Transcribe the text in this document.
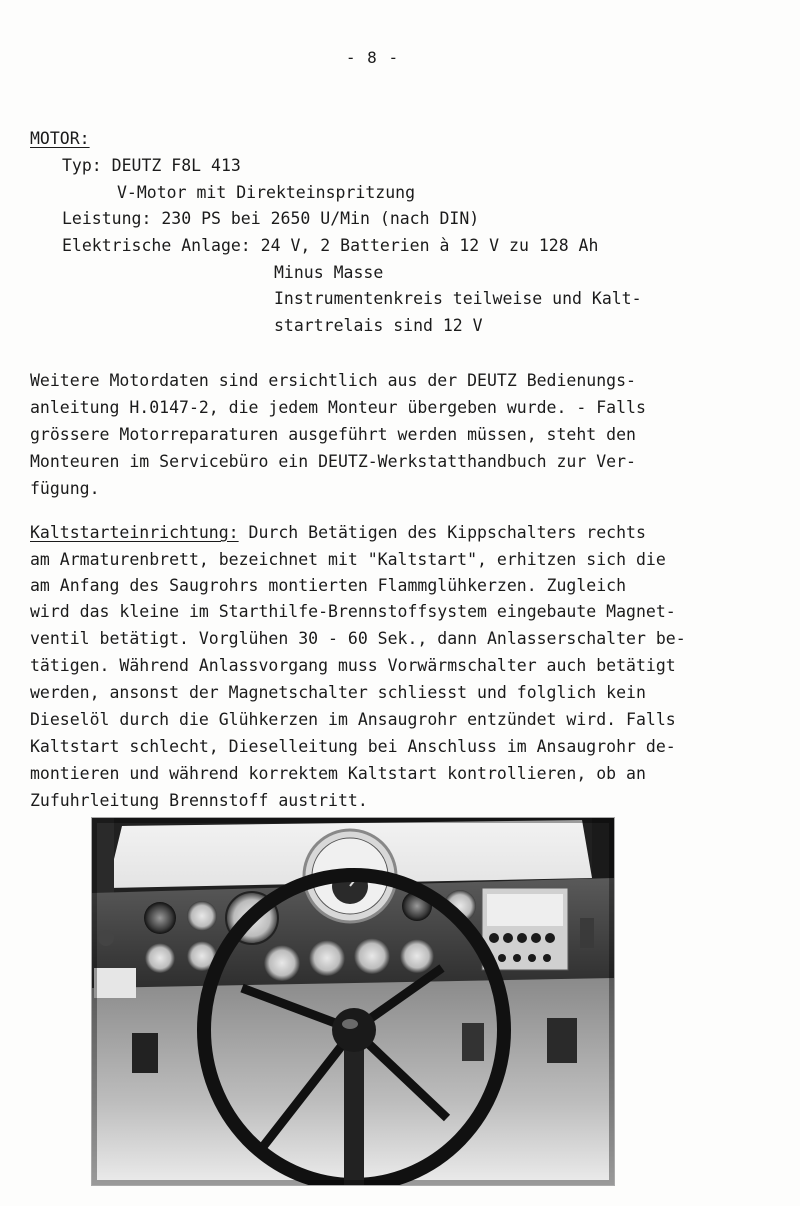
- 8 -
MOTOR:
Typ: DEUTZ F8L 413
V-Motor mit Direkteinspritzung
Leistung: 230 PS bei 2650 U/Min (nach DIN)
Elektrische Anlage: 24 V, 2 Batterien à 12 V zu 128 Ah
Minus Masse
Instrumentenkreis teilweise und Kalt-
startrelais sind 12 V
Weitere Motordaten sind ersichtlich aus der DEUTZ Bedienungs-
anleitung H.0147-2, die jedem Monteur übergeben wurde. - Falls
grössere Motorreparaturen ausgeführt werden müssen, steht den
Monteuren im Servicebüro ein DEUTZ-Werkstatthandbuch zur Ver-
fügung.
Kaltstarteinrichtung: Durch Betätigen des Kippschalters rechts
am Armaturenbrett, bezeichnet mit "Kaltstart", erhitzen sich die
am Anfang des Saugrohrs montierten Flammglühkerzen. Zugleich
wird das kleine im Starthilfe-Brennstoffsystem eingebaute Magnet-
ventil betätigt. Vorglühen 30 - 60 Sek., dann Anlasserschalter be-
tätigen. Während Anlassvorgang muss Vorwärmschalter auch betätigt
werden, ansonst der Magnetschalter schliesst und folglich kein
Dieselöl durch die Glühkerzen im Ansaugrohr entzündet wird. Falls
Kaltstart schlecht, Dieselleitung bei Anschluss im Ansaugrohr de-
montieren und während korrektem Kaltstart kontrollieren, ob an
Zufuhrleitung Brennstoff austritt.
